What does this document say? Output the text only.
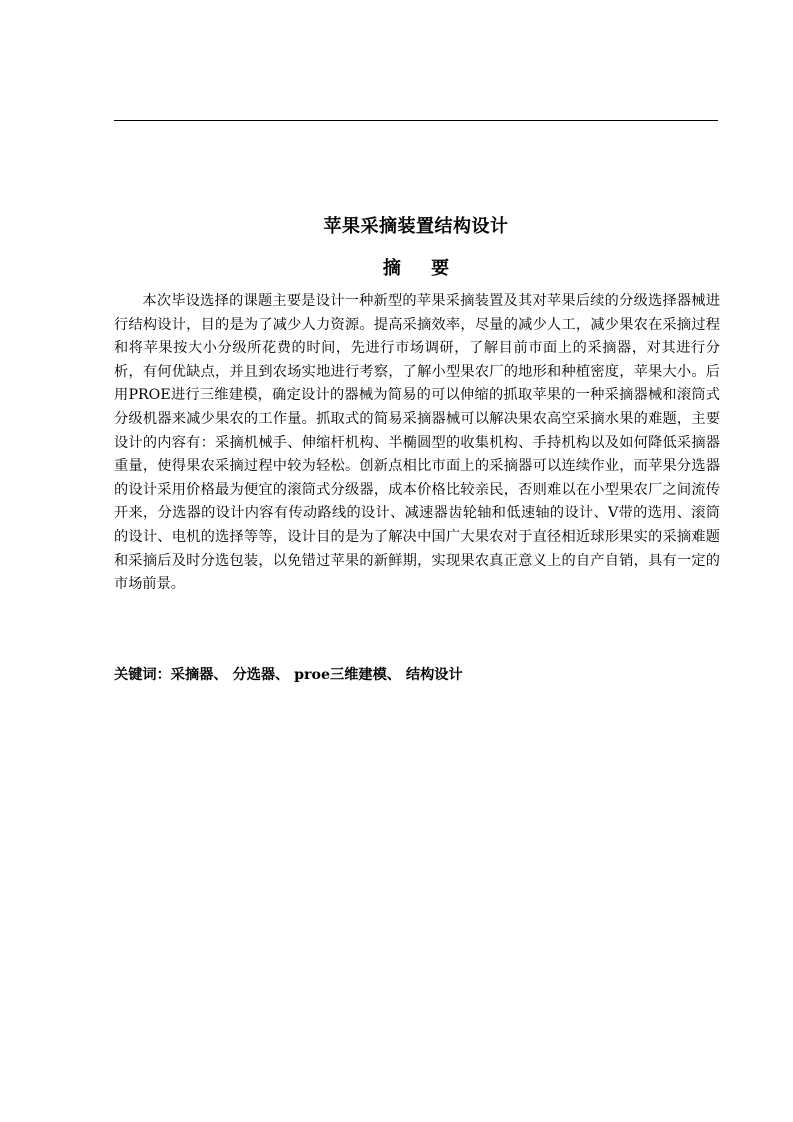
苹果采摘装置结构设计
摘 要

本次毕设选择的课题主要是设计一种新型的苹果采摘装置及其对苹果后续的分级选择器械进行结构设计，目的是为了减少人力资源。提高采摘效率，尽量的减少人工，减少果农在采摘过程和将苹果按大小分级所花费的时间，先进行市场调研，了解目前市面上的采摘器，对其进行分析，有何优缺点，并且到农场实地进行考察，了解小型果农厂的地形和种植密度，苹果大小。后用PROE进行三维建模，确定设计的器械为简易的可以伸缩的抓取苹果的一种采摘器械和滚筒式分级机器来减少果农的工作量。抓取式的简易采摘器械可以解决果农高空采摘水果的难题，主要设计的内容有：采摘机械手、伸缩杆机构、半椭圆型的收集机构、手持机构以及如何降低采摘器重量，使得果农采摘过程中较为轻松。创新点相比市面上的采摘器可以连续作业，而苹果分选器的设计采用价格最为便宜的滚筒式分级器，成本价格比较亲民，否则难以在小型果农厂之间流传开来，分选器的设计内容有传动路线的设计、减速器齿轮轴和低速轴的设计、V带的选用、滚筒的设计、电机的选择等等，设计目的是为了解决中国广大果农对于直径相近球形果实的采摘难题和采摘后及时分选包装，以免错过苹果的新鲜期，实现果农真正意义上的自产自销，具有一定的市场前景。

关键词：采摘器、 分选器、 proe三维建模、 结构设计
